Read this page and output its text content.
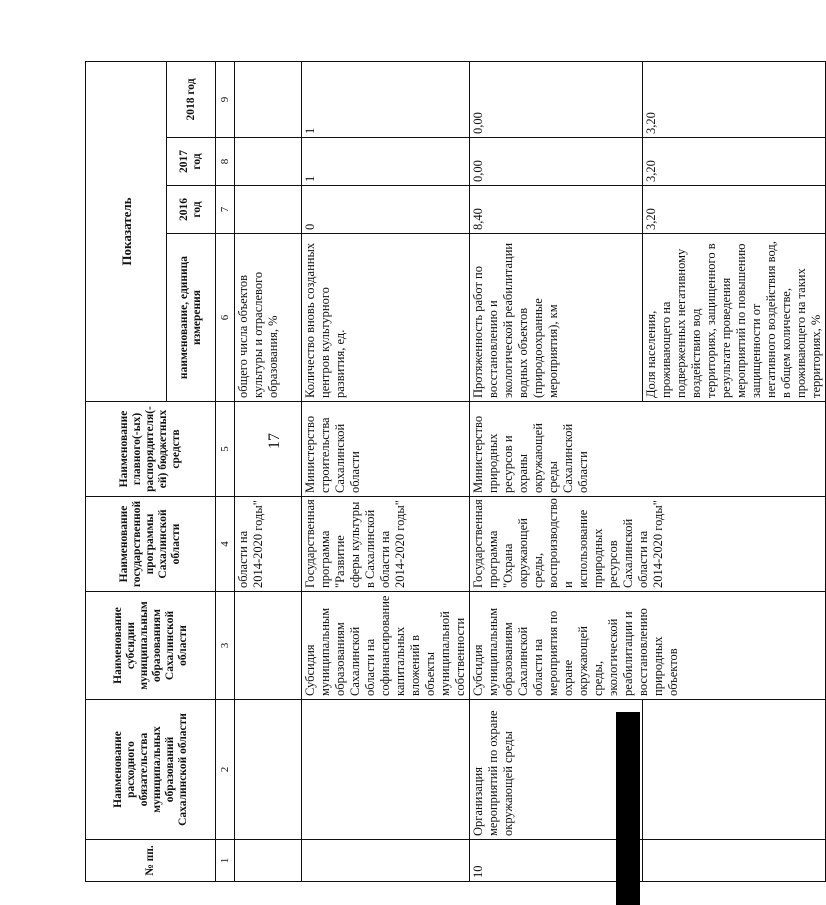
17
№ пп.	Наименование расходного обязательства муниципальных образований Сахалинской области	Наименование субсидии муниципальным образованиям Сахалинской области	Наименование государственной программы Сахалинской области	Наименование главного(-ых) распорядителя(-ей) бюджетных средств	Показатель			
					наименование, единица измерения	2016 год	2017 год	2018 год
1	2	3	4	5	6	7	8	9
			области на 2014-2020 годы"		общего числа объектов культуры и отраслевого образования, %			
		Субсидия муниципальным образованиям Сахалинской области на софинансирование капитальных вложений в объекты муниципальной собственности	Государственная программа "Развитие сферы культуры в Сахалинской области на 2014-2020 годы"	Министерство строительства Сахалинской области	Количество вновь созданных центров культурного развития, ед.	0	1	1
10	Организация мероприятий по охране окружающей среды	Субсидия муниципальным образованиям Сахалинской области на мероприятия по охране окружающей среды, экологической реабилитации и восстановлению природных объектов	Государственная программа "Охрана окружающей среды, воспроизводство и использование природных ресурсов Сахалинской области на 2014-2020 годы"	Министерство природных ресурсов и охраны окружающей среды Сахалинской области	Протяженность работ по восстановлению и экологической реабилитации водных объектов (природоохранные мероприятия), км	8,40	0,00	0,00
					Доля населения, проживающего на подверженных негативному воздействию вод территориях, защищенного в результате проведения мероприятий по повышению защищенности от негативного воздействия вод, в общем количестве, проживающего на таких территориях, %	3,20	3,20	3,20
